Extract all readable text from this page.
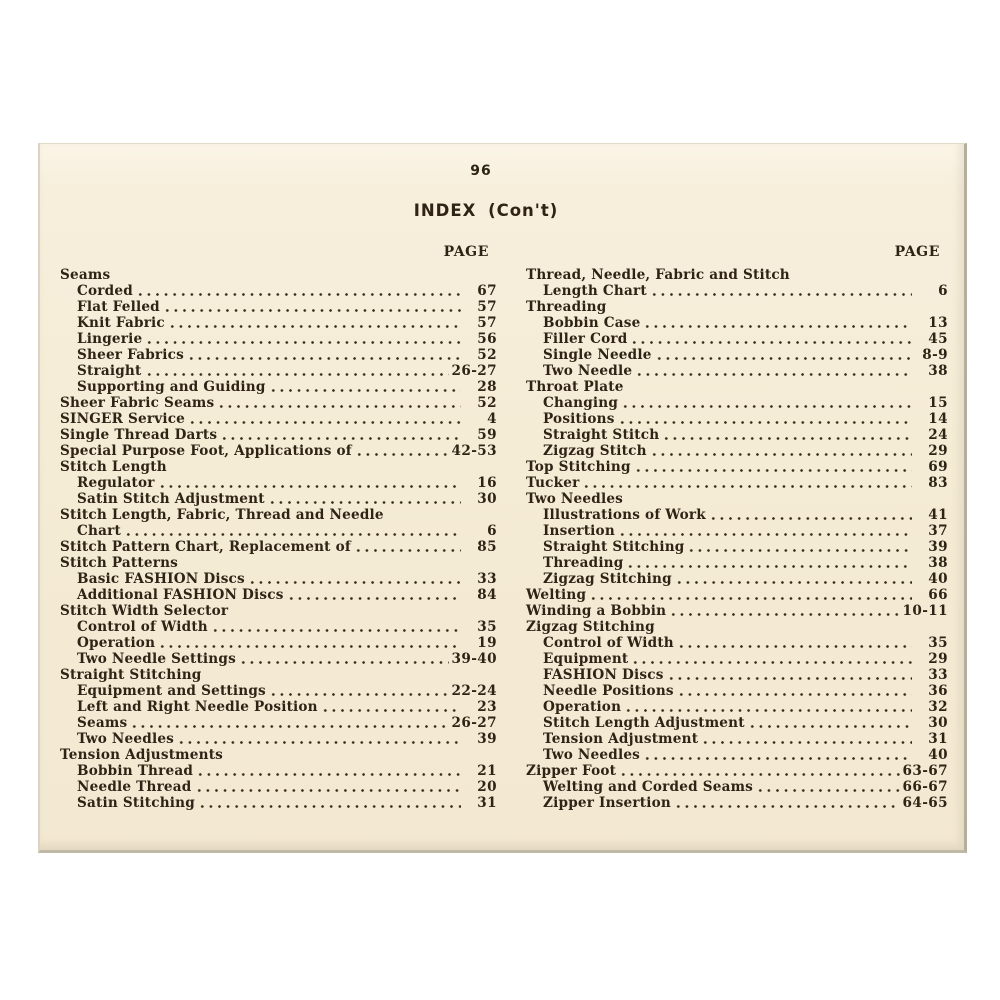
96
INDEX (Con't)
PAGE
Seams
Corded	67
Flat Felled	57
Knit Fabric	57
Lingerie	56
Sheer Fabrics	52
Straight	26-27
Supporting and Guiding	28
Sheer Fabric Seams	52
SINGER Service	4
Single Thread Darts	59
Special Purpose Foot, Applications of	42-53
Stitch Length
Regulator	16
Satin Stitch Adjustment	30
Stitch Length, Fabric, Thread and Needle
Chart	6
Stitch Pattern Chart, Replacement of	85
Stitch Patterns
Basic FASHION Discs	33
Additional FASHION Discs	84
Stitch Width Selector
Control of Width	35
Operation	19
Two Needle Settings	39-40
Straight Stitching
Equipment and Settings	22-24
Left and Right Needle Position	23
Seams	26-27
Two Needles	39
Tension Adjustments
Bobbin Thread	21
Needle Thread	20
Satin Stitching	31
PAGE
Thread, Needle, Fabric and Stitch
Length Chart	6
Threading
Bobbin Case	13
Filler Cord	45
Single Needle	8-9
Two Needle	38
Throat Plate
Changing	15
Positions	14
Straight Stitch	24
Zigzag Stitch	29
Top Stitching	69
Tucker	83
Two Needles
Illustrations of Work	41
Insertion	37
Straight Stitching	39
Threading	38
Zigzag Stitching	40
Welting	66
Winding a Bobbin	10-11
Zigzag Stitching
Control of Width	35
Equipment	29
FASHION Discs	33
Needle Positions	36
Operation	32
Stitch Length Adjustment	30
Tension Adjustment	31
Two Needles	40
Zipper Foot	63-67
Welting and Corded Seams	66-67
Zipper Insertion	64-65
